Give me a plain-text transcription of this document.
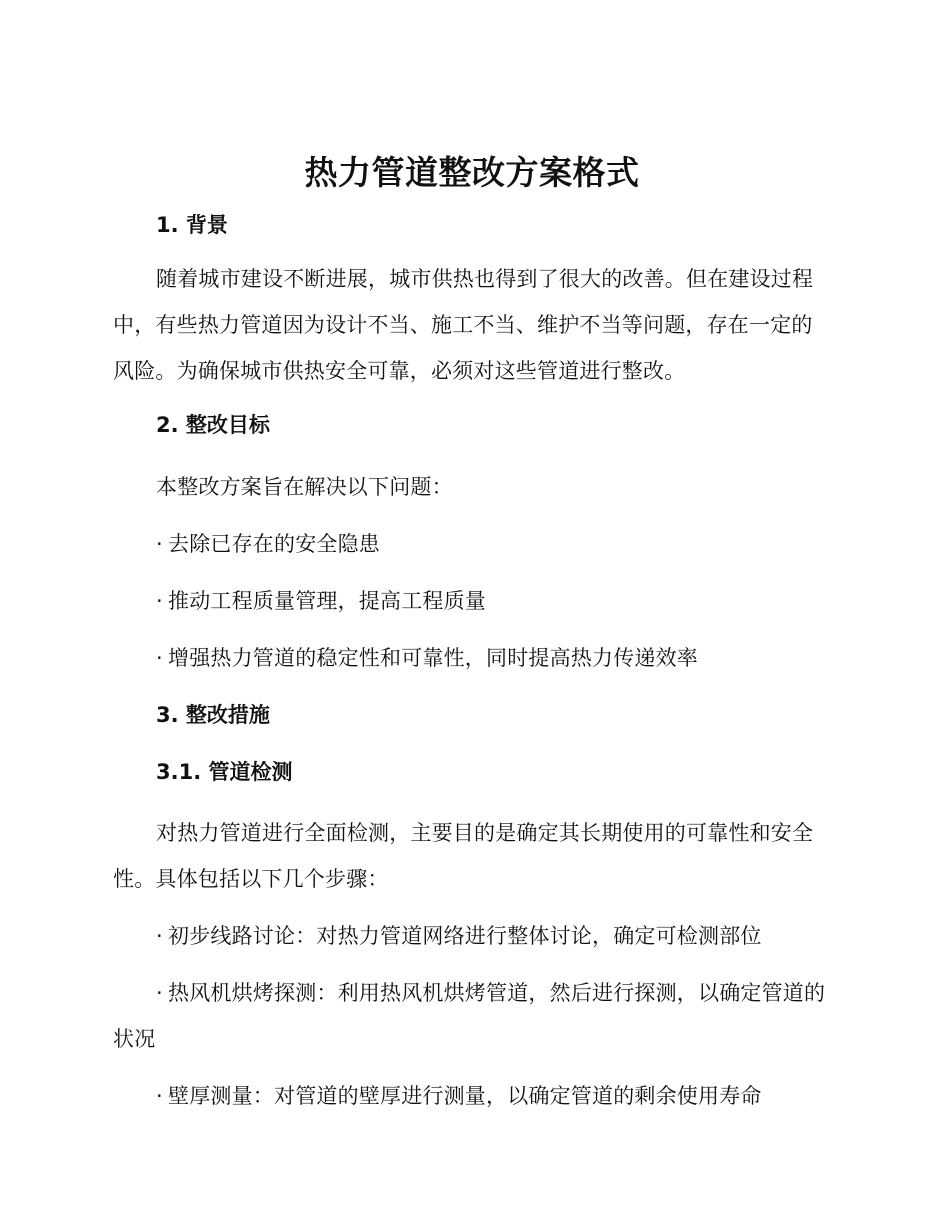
热力管道整改方案格式
1. 背景

随着城市建设不断进展，城市供热也得到了很大的改善。但在建设过程中，有些热力管道因为设计不当、施工不当、维护不当等问题，存在一定的风险。为确保城市供热安全可靠，必须对这些管道进行整改。

2. 整改目标

本整改方案旨在解决以下问题：

· 去除已存在的安全隐患

· 推动工程质量管理，提高工程质量

· 增强热力管道的稳定性和可靠性，同时提高热力传递效率

3. 整改措施
3.1. 管道检测

对热力管道进行全面检测，主要目的是确定其长期使用的可靠性和安全性。具体包括以下几个步骤：

· 初步线路讨论：对热力管道网络进行整体讨论，确定可检测部位

· 热风机烘烤探测：利用热风机烘烤管道，然后进行探测，以确定管道的状况

· 壁厚测量：对管道的壁厚进行测量，以确定管道的剩余使用寿命
